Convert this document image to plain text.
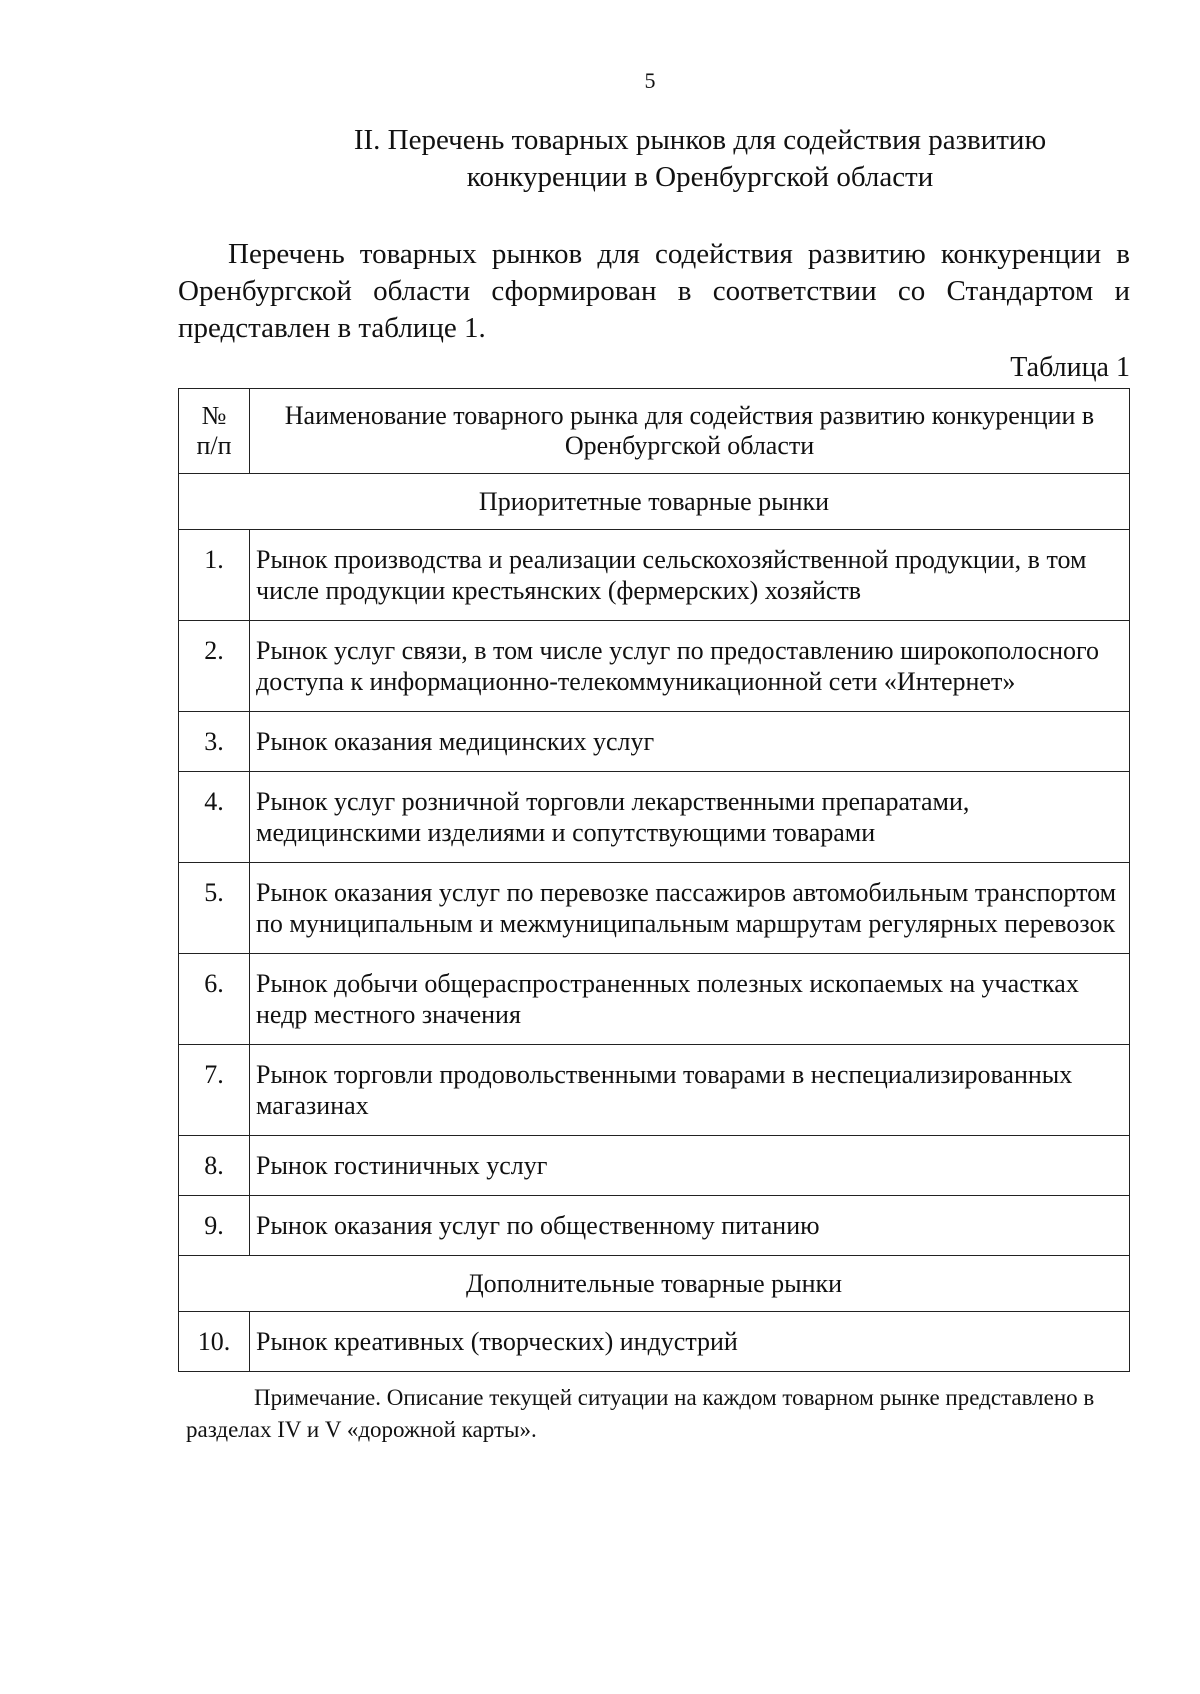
5
II. Перечень товарных рынков для содействия развитию
конкуренции в Оренбургской области
Перечень товарных рынков для содействия развитию конкуренции в Оренбургской области сформирован в соответствии со Стандартом и представлен в таблице 1.
Таблица 1
№
п/п	Наименование товарного рынка для содействия развитию конкуренции в Оренбургской области
Приоритетные товарные рынки	
1.	Рынок производства и реализации сельскохозяйственной продукции, в том числе продукции крестьянских (фермерских) хозяйств
2.	Рынок услуг связи, в том числе услуг по предоставлению широкополосного доступа к информационно-телекоммуникационной сети «Интернет»
3.	Рынок оказания медицинских услуг
4.	Рынок услуг розничной торговли лекарственными препаратами, медицинскими изделиями и сопутствующими товарами
5.	Рынок оказания услуг по перевозке пассажиров автомобильным транспортом по муниципальным и межмуниципальным маршрутам регулярных перевозок
6.	Рынок добычи общераспространенных полезных ископаемых на участках недр местного значения
7.	Рынок торговли продовольственными товарами в неспециализированных магазинах
8.	Рынок гостиничных услуг
9.	Рынок оказания услуг по общественному питанию
Дополнительные товарные рынки	
10.	Рынок креативных (творческих) индустрий
Примечание. Описание текущей ситуации на каждом товарном рынке представлено в разделах IV и V «дорожной карты».
